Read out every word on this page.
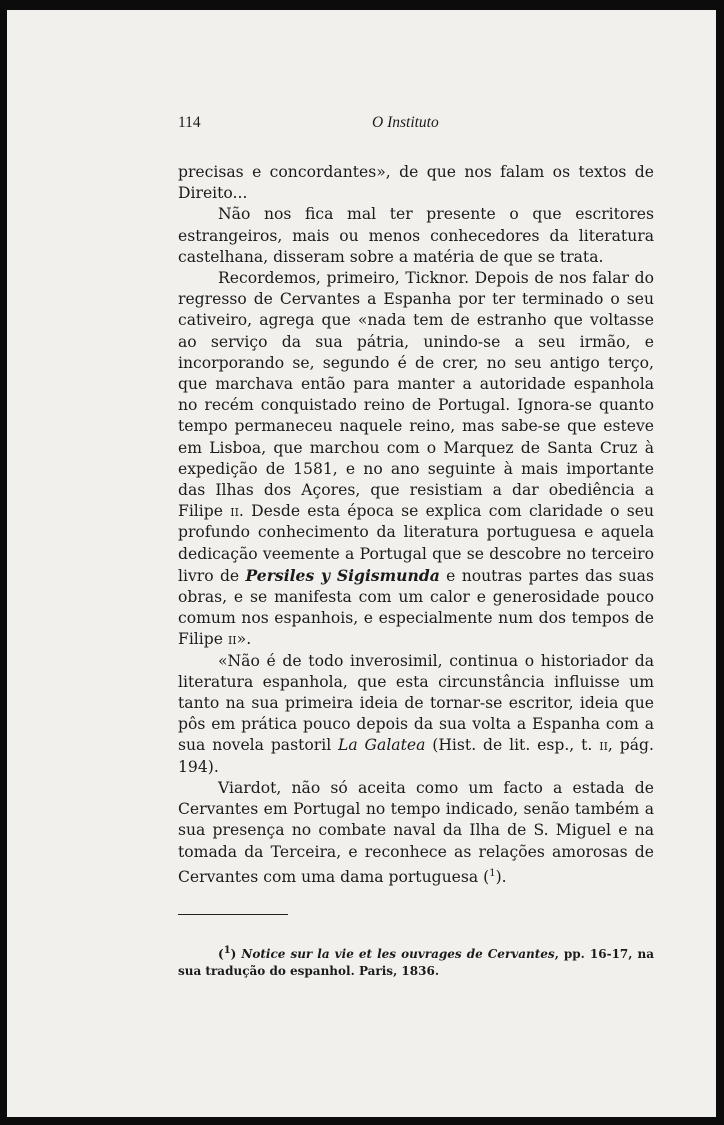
114	O Instituto

precisas e concordantes», de que nos falam os textos de Direito...

Não nos fica mal ter presente o que escritores estrangeiros, mais ou menos conhecedores da literatura castelhana, disseram sobre a matéria de que se trata.

Recordemos, primeiro, Ticknor. Depois de nos falar do regresso de Cervantes a Espanha por ter terminado o seu cativeiro, agrega que «nada tem de estranho que voltasse ao serviço da sua pátria, unindo-se a seu irmão, e incorporando se, segundo é de crer, no seu antigo terço, que marchava então para manter a autoridade espanhola no recém conquistado reino de Portugal. Ignora-se quanto tempo permaneceu naquele reino, mas sabe-se que esteve em Lisboa, que marchou com o Marquez de Santa Cruz à expedição de 1581, e no ano seguinte à mais importante das Ilhas dos Açores, que resistiam a dar obediência a Filipe ii. Desde esta época se explica com claridade o seu profundo conhecimento da literatura portuguesa e aquela dedicação veemente a Portugal que se descobre no terceiro livro de Persiles y Sigismunda e noutras partes das suas obras, e se manifesta com um calor e generosidade pouco comum nos espanhois, e especialmente num dos tempos de Filipe ii».

«Não é de todo inverosimil, continua o historiador da literatura espanhola, que esta circunstância influisse um tanto na sua primeira ideia de tornar-se escritor, ideia que pôs em prática pouco depois da sua volta a Espanha com a sua novela pastoril La Galatea (Hist. de lit. esp., t. ii, pág. 194).

Viardot, não só aceita como um facto a estada de Cervantes em Portugal no tempo indicado, senão também a sua presença no combate naval da Ilha de S. Miguel e na tomada da Terceira, e reconhece as relações amorosas de Cervantes com uma dama portuguesa ($^1$).

($^1$) Notice sur la vie et les ouvrages de Cervantes, pp. 16-17, na sua tradução do espanhol. Paris, 1836.
